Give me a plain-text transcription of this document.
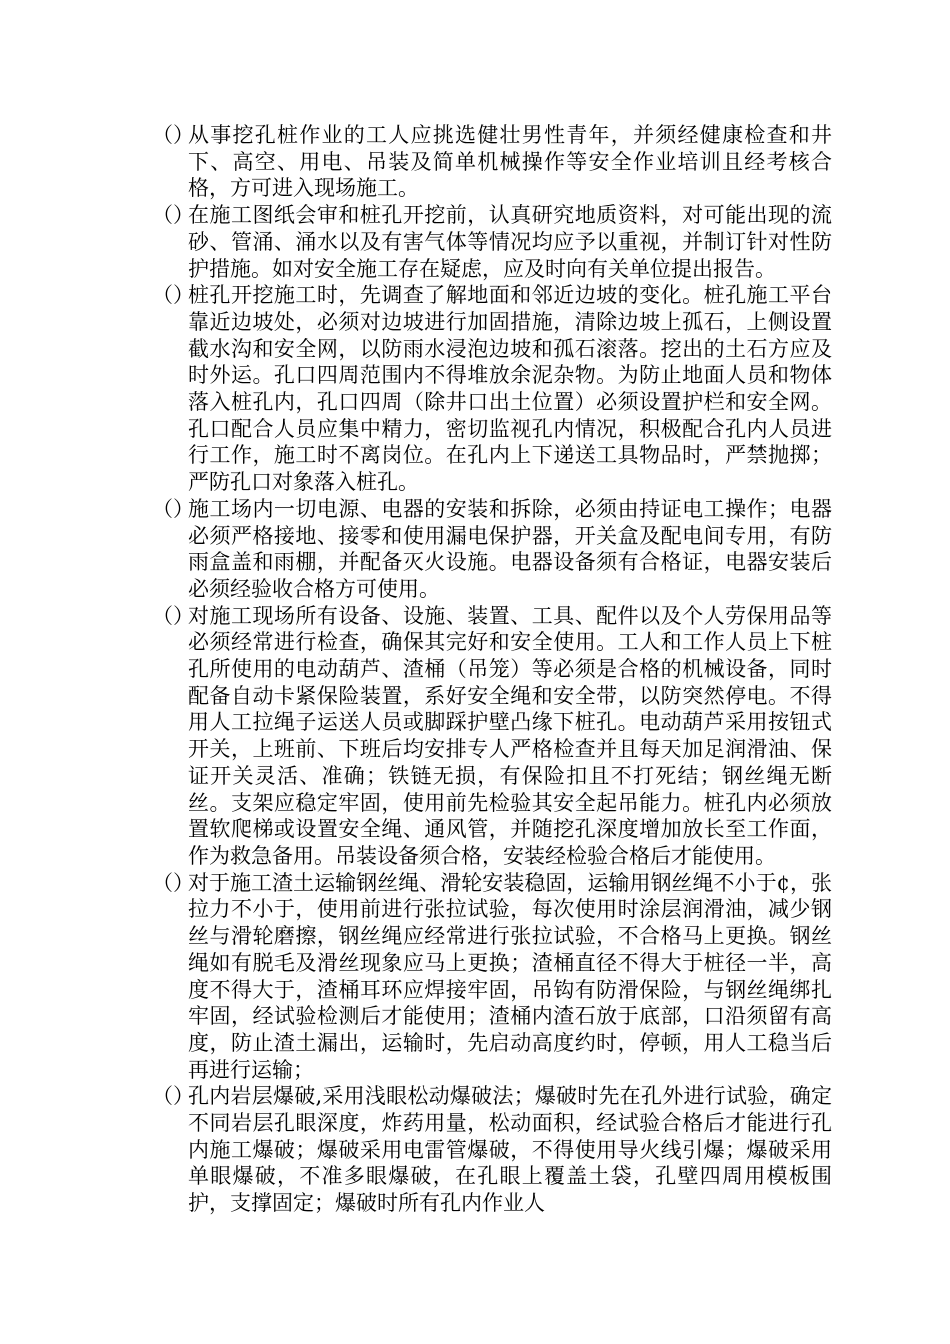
（）
从事挖孔桩作业的工人应挑选健壮男性青年，并须经健康检查和井下、高空、用电、吊装及简单机械操作等安全作业培训且经考核合格，方可进入现场施工。
（）
在施工图纸会审和桩孔开挖前，认真研究地质资料，对可能出现的流砂、管涌、涌水以及有害气体等情况均应予以重视，并制订针对性防护措施。如对安全施工存在疑虑，应及时向有关单位提出报告。
（）
桩孔开挖施工时，先调查了解地面和邻近边坡的变化。桩孔施工平台靠近边坡处，必须对边坡进行加固措施，清除边坡上孤石，上侧设置截水沟和安全网，以防雨水浸泡边坡和孤石滚落。挖出的土石方应及时外运。孔口四周范围内不得堆放余泥杂物。为防止地面人员和物体落入桩孔内，孔口四周（除井口出土位置）必须设置护栏和安全网。孔口配合人员应集中精力，密切监视孔内情况，积极配合孔内人员进行工作，施工时不离岗位。在孔内上下递送工具物品时，严禁抛掷；严防孔口对象落入桩孔。
（）
施工场内一切电源、电器的安装和拆除，必须由持证电工操作；电器必须严格接地、接零和使用漏电保护器，开关盒及配电间专用，有防雨盒盖和雨棚，并配备灭火设施。电器设备须有合格证，电器安装后必须经验收合格方可使用。
（）
对施工现场所有设备、设施、装置、工具、配件以及个人劳保用品等必须经常进行检查，确保其完好和安全使用。工人和工作人员上下桩孔所使用的电动葫芦、渣桶（吊笼）等必须是合格的机械设备，同时配备自动卡紧保险装置，系好安全绳和安全带，以防突然停电。不得用人工拉绳子运送人员或脚踩护壁凸缘下桩孔。电动葫芦采用按钮式开关，上班前、下班后均安排专人严格检查并且每天加足润滑油、保证开关灵活、准确；铁链无损，有保险扣且不打死结；钢丝绳无断丝。支架应稳定牢固，使用前先检验其安全起吊能力。桩孔内必须放置软爬梯或设置安全绳、通风管，并随挖孔深度增加放长至工作面，作为救急备用。吊装设备须合格，安装经检验合格后才能使用。
（）
对于施工渣土运输钢丝绳、滑轮安装稳固，运输用钢丝绳不小于¢，张拉力不小于，使用前进行张拉试验，每次使用时涂层润滑油，减少钢丝与滑轮磨擦，钢丝绳应经常进行张拉试验，不合格马上更换。钢丝绳如有脱毛及滑丝现象应马上更换；渣桶直径不得大于桩径一半，高度不得大于，渣桶耳环应焊接牢固，吊钩有防滑保险，与钢丝绳绑扎牢固，经试验检测后才能使用；渣桶内渣石放于底部，口沿须留有高度，防止渣土漏出，运输时，先启动高度约时，停顿，用人工稳当后再进行运输；
（）
孔内岩层爆破,采用浅眼松动爆破法；爆破时先在孔外进行试验，确定不同岩层孔眼深度，炸药用量，松动面积，经试验合格后才能进行孔内施工爆破；爆破采用电雷管爆破，不得使用导火线引爆；爆破采用单眼爆破，不准多眼爆破，在孔眼上覆盖土袋，孔壁四周用模板围护，支撑固定；爆破时所有孔内作业人
